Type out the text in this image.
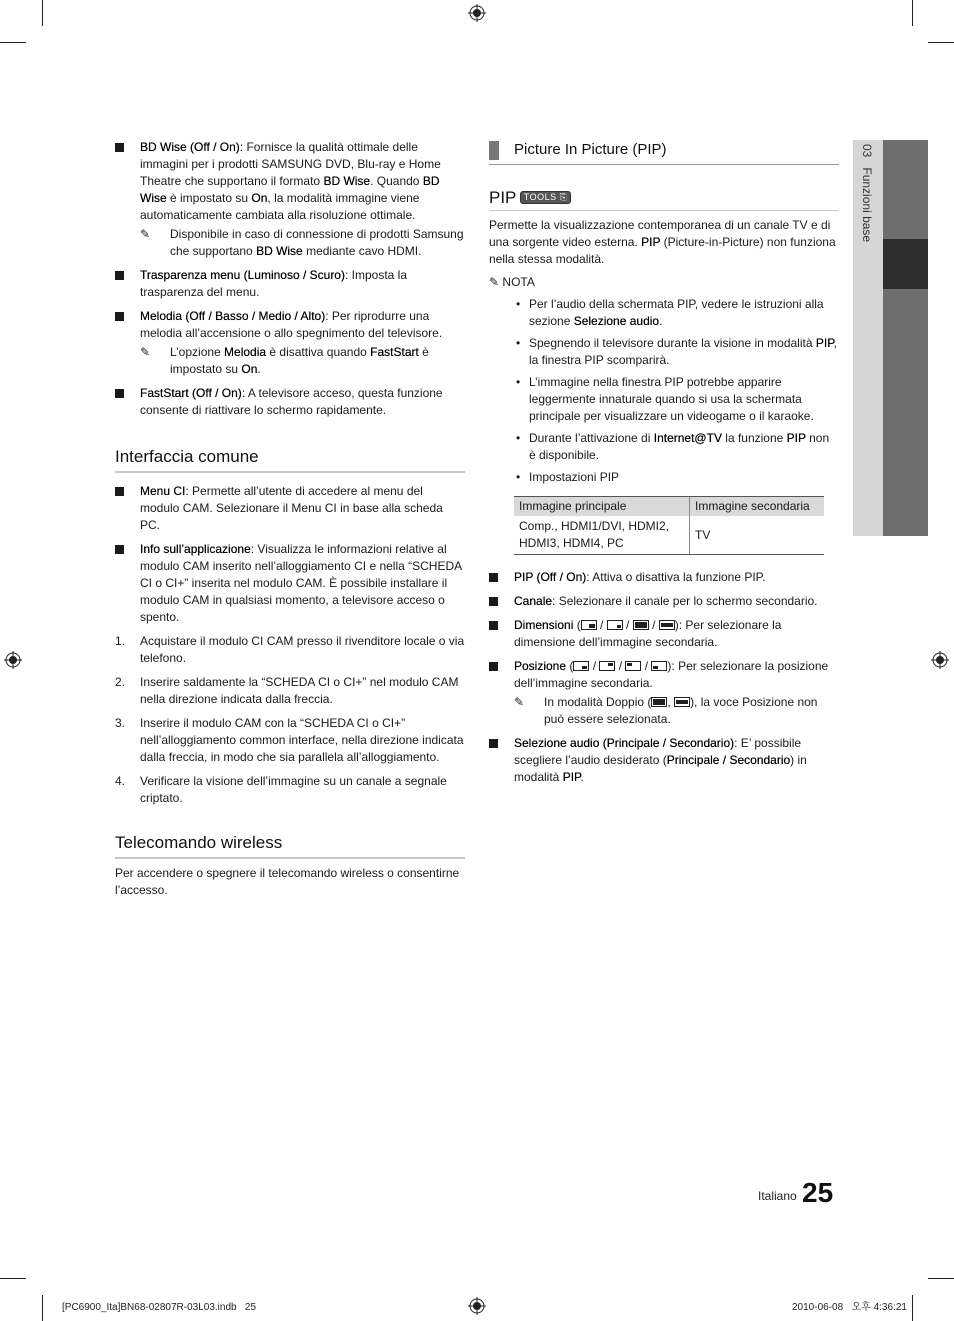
03   Funzioni base
BD Wise (Off / On): Fornisce la qualità ottimale delle immagini per i prodotti SAMSUNG DVD, Blu-ray e Home Theatre che supportano il formato BD Wise. Quando BD Wise è impostato su On, la modalità immagine viene automaticamente cambiata alla risoluzione ottimale.
✎ Disponibile in caso di connessione di prodotti Samsung che supportano BD Wise mediante cavo HDMI.
Trasparenza menu (Luminoso / Scuro): Imposta la trasparenza del menu.
Melodia (Off / Basso / Medio / Alto): Per riprodurre una melodia all’accensione o allo spegnimento del televisore.
✎ L’opzione Melodia è disattiva quando FastStart è impostato su On.
FastStart (Off / On): A televisore acceso, questa funzione consente di riattivare lo schermo rapidamente.
Interfaccia comune
Menu CI: Permette all’utente di accedere al menu del modulo CAM. Selezionare il Menu CI in base alla scheda PC.
Info sull’applicazione: Visualizza le informazioni relative al modulo CAM inserito nell’alloggiamento CI e nella “SCHEDA CI o CI+” inserita nel modulo CAM. È possibile installare il modulo CAM in qualsiasi momento, a televisore acceso o spento.
1.	Acquistare il modulo CI CAM presso il rivenditore locale o via telefono.
2.	Inserire saldamente la “SCHEDA CI o CI+” nel modulo CAM nella direzione indicata dalla freccia.
3.	Inserire il modulo CAM con la “SCHEDA CI o CI+” nell’alloggiamento common interface, nella direzione indicata dalla freccia, in modo che sia parallela all’alloggiamento.
4.	Verificare la visione dell’immagine su un canale a segnale criptato.
Telecomando wireless

Per accendere o spegnere il telecomando wireless o consentirne l’accesso.

Picture In Picture (PIP)
PIP TOOLS ⎘

Permette la visualizzazione contemporanea di un canale TV e di una sorgente video esterna. PIP (Picture-in-Picture) non funziona nella stessa modalità.

✎ NOTA
• Per l’audio della schermata PIP, vedere le istruzioni alla sezione Selezione audio.
• Spegnendo il televisore durante la visione in modalità PIP, la finestra PIP scomparirà.
• L’immagine nella finestra PIP potrebbe apparire leggermente innaturale quando si usa la schermata principale per visualizzare un videogame o il karaoke.
• Durante l’attivazione di Internet@TV la funzione PIP non è disponibile.
• Impostazioni PIP
Immagine principale	Immagine secondaria
Comp., HDMI1/DVI, HDMI2, HDMI3, HDMI4, PC	TV
PIP (Off / On): Attiva o disattiva la funzione PIP.
Canale: Selezionare il canale per lo schermo secondario.
Dimensioni (
/
/
/
): Per selezionare la dimensione dell’immagine secondaria.
Posizione (
/
/
/
): Per selezionare la posizione dell’immagine secondaria.
✎ In modalità Doppio ( ,
), la voce Posizione non può essere selezionata.
Selezione audio (Principale / Secondario): E’ possibile scegliere l’audio desiderato (Principale / Secondario) in modalità PIP.
Italiano 25
[PC6900_Ita]BN68-02807R-03L03.indb   25	2010-06-08   오후 4:36:21
